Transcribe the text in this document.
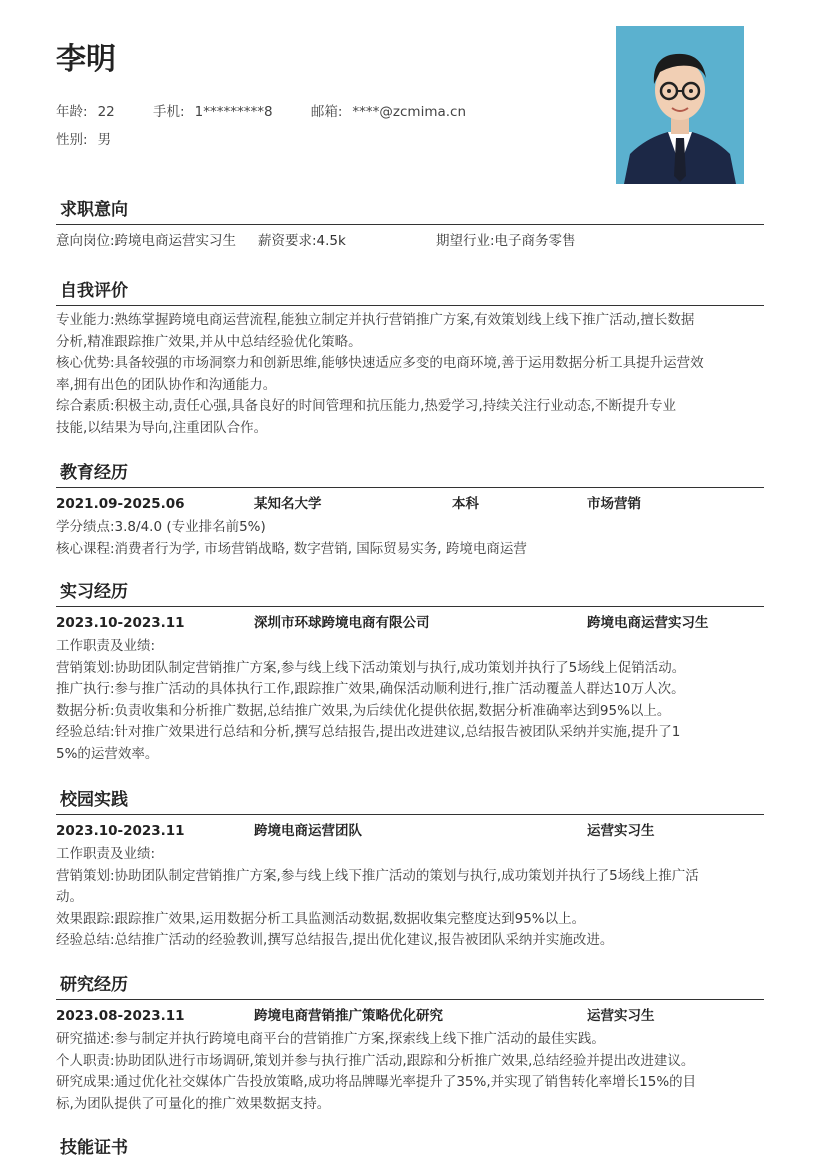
李明
年龄: 22	手机: 1*********8	邮箱: ****@zcmima.cn
性别: 男
求职意向
意向岗位:跨境电商运营实习生 薪资要求:4.5k	期望行业:电子商务零售
自我评价

专业能力:熟练掌握跨境电商运营流程,能独立制定并执行营销推广方案,有效策划线上线下推广活动,擅长数据

分析,精准跟踪推广效果,并从中总结经验优化策略。

核心优势:具备较强的市场洞察力和创新思维,能够快速适应多变的电商环境,善于运用数据分析工具提升运营效

率,拥有出色的团队协作和沟通能力。

综合素质:积极主动,责任心强,具备良好的时间管理和抗压能力,热爱学习,持续关注行业动态,不断提升专业

技能,以结果为导向,注重团队合作。

教育经历
2021.09-2025.06	某知名大学	本科	市场营销

学分绩点:3.8/4.0 (专业排名前5%)

核心课程:消费者行为学, 市场营销战略, 数字营销, 国际贸易实务, 跨境电商运营

实习经历
2023.10-2023.11	深圳市环球跨境电商有限公司	跨境电商运营实习生

工作职责及业绩:

营销策划:协助团队制定营销推广方案,参与线上线下活动策划与执行,成功策划并执行了5场线上促销活动。

推广执行:参与推广活动的具体执行工作,跟踪推广效果,确保活动顺利进行,推广活动覆盖人群达10万人次。

数据分析:负责收集和分析推广数据,总结推广效果,为后续优化提供依据,数据分析准确率达到95%以上。

经验总结:针对推广效果进行总结和分析,撰写总结报告,提出改进建议,总结报告被团队采纳并实施,提升了1

5%的运营效率。

校园实践
2023.10-2023.11	跨境电商运营团队	运营实习生

工作职责及业绩:

营销策划:协助团队制定营销推广方案,参与线上线下推广活动的策划与执行,成功策划并执行了5场线上推广活

动。

效果跟踪:跟踪推广效果,运用数据分析工具监测活动数据,数据收集完整度达到95%以上。

经验总结:总结推广活动的经验教训,撰写总结报告,提出优化建议,报告被团队采纳并实施改进。

研究经历
2023.08-2023.11	跨境电商营销推广策略优化研究	运营实习生

研究描述:参与制定并执行跨境电商平台的营销推广方案,探索线上线下推广活动的最佳实践。

个人职责:协助团队进行市场调研,策划并参与执行推广活动,跟踪和分析推广效果,总结经验并提出改进建议。

研究成果:通过优化社交媒体广告投放策略,成功将品牌曝光率提升了35%,并实现了销售转化率增长15%的目

标,为团队提供了可量化的推广效果数据支持。

技能证书
